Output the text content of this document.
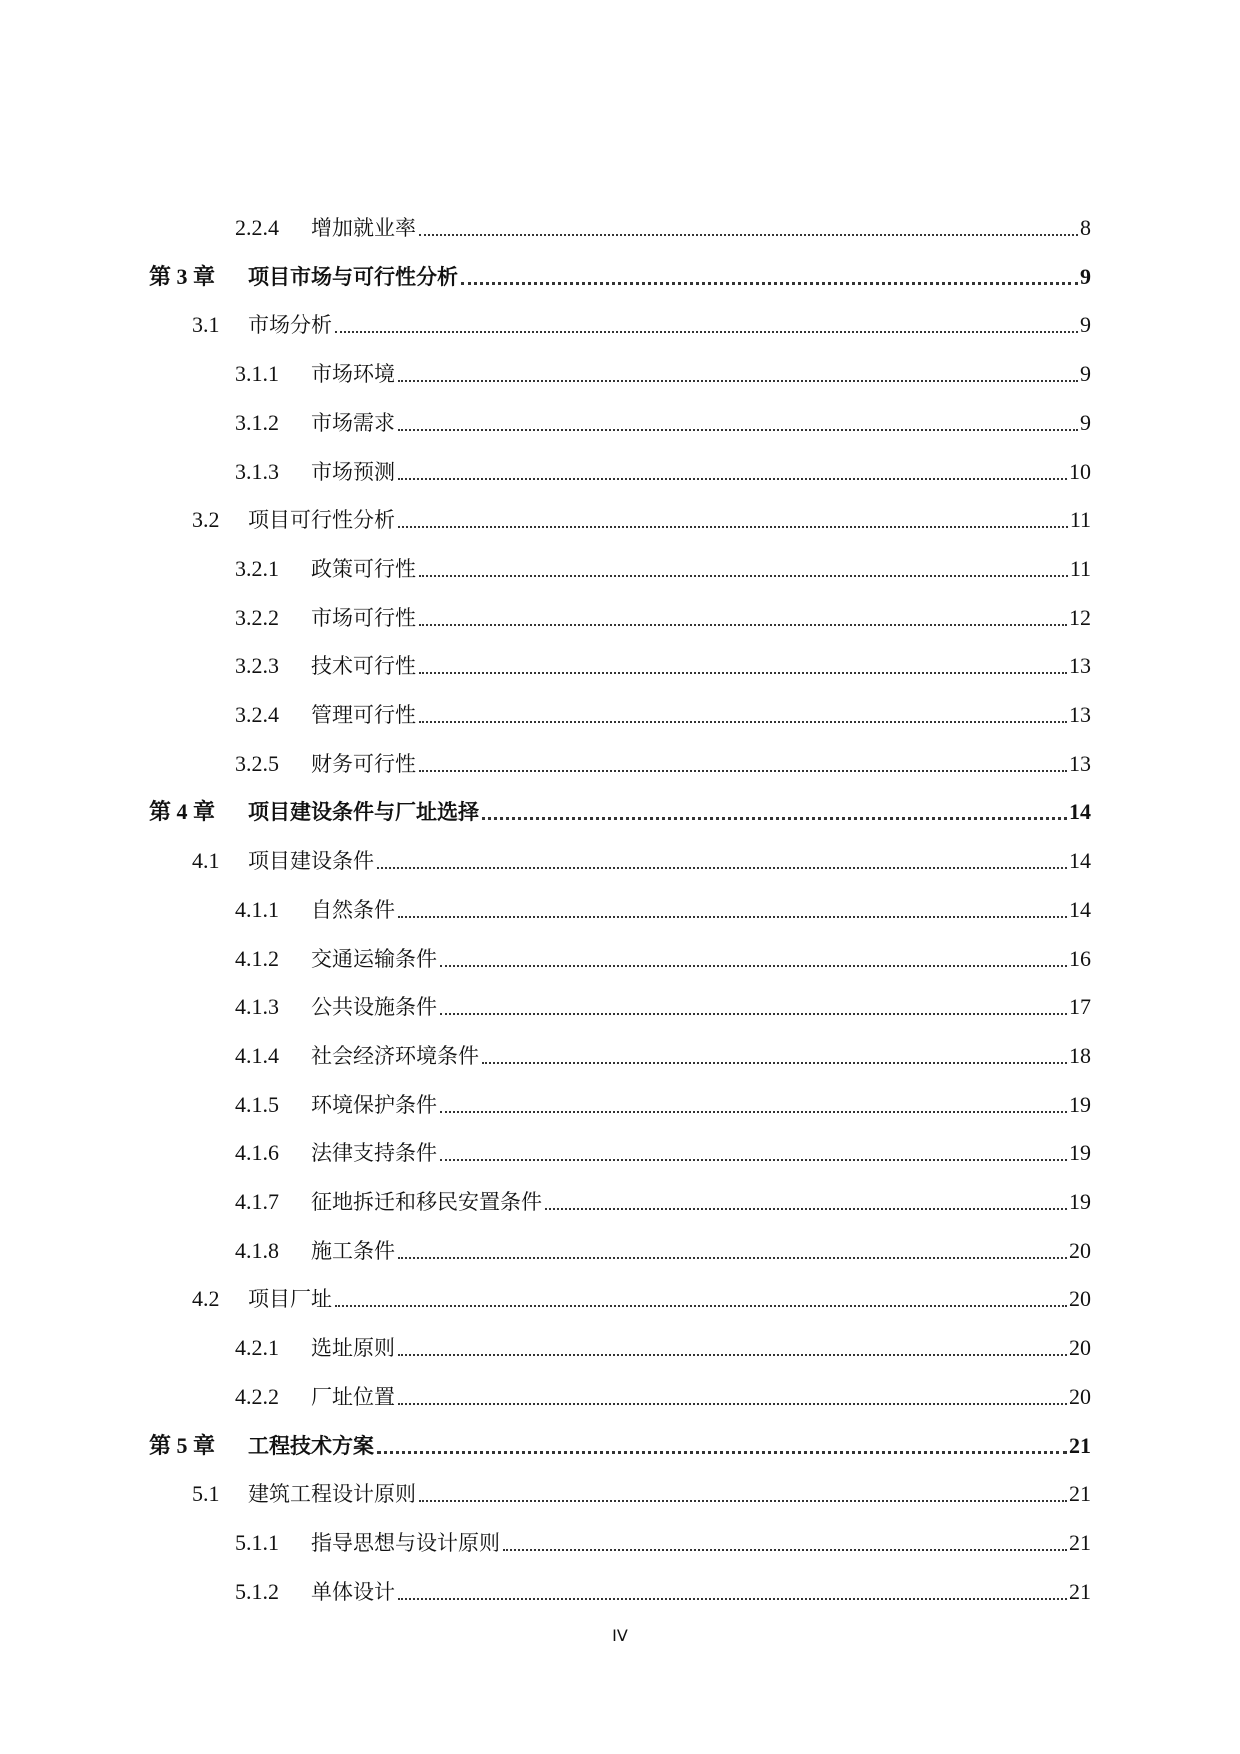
2.2.4	增加就业率	8
第 3 章	项目市场与可行性分析	9
3.1	市场分析	9
3.1.1	市场环境	9
3.1.2	市场需求	9
3.1.3	市场预测	10
3.2	项目可行性分析	11
3.2.1	政策可行性	11
3.2.2	市场可行性	12
3.2.3	技术可行性	13
3.2.4	管理可行性	13
3.2.5	财务可行性	13
第 4 章	项目建设条件与厂址选择	14
4.1	项目建设条件	14
4.1.1	自然条件	14
4.1.2	交通运输条件	16
4.1.3	公共设施条件	17
4.1.4	社会经济环境条件	18
4.1.5	环境保护条件	19
4.1.6	法律支持条件	19
4.1.7	征地拆迁和移民安置条件	19
4.1.8	施工条件	20
4.2	项目厂址	20
4.2.1	选址原则	20
4.2.2	厂址位置	20
第 5 章	工程技术方案	21
5.1	建筑工程设计原则	21
5.1.1	指导思想与设计原则	21
5.1.2	单体设计	21
IV
